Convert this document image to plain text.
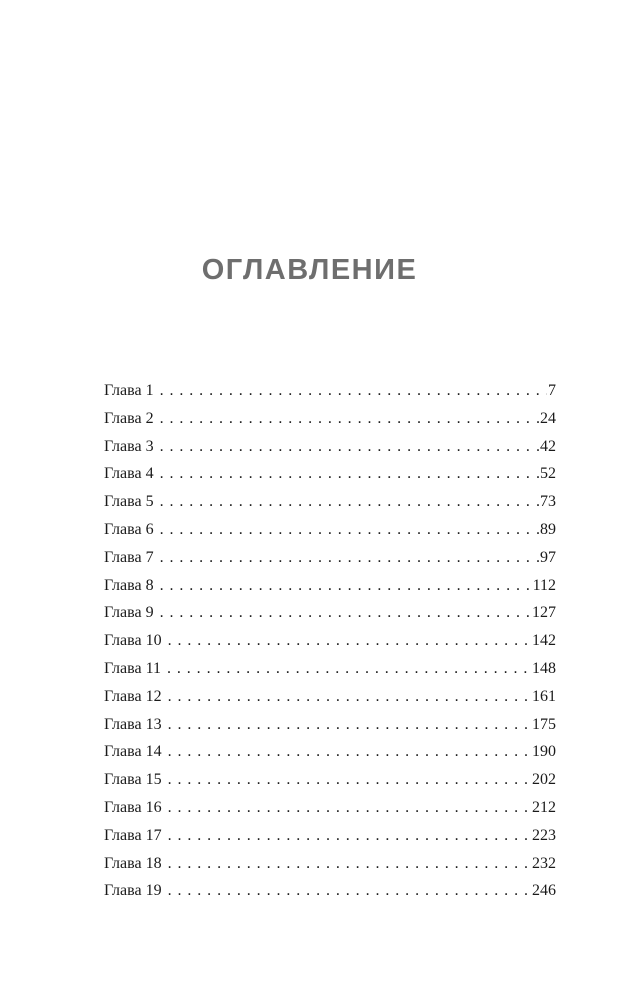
ОГЛАВЛЕНИЕ
Глава 1 . . .	7
Глава 2 . . .	.24
Глава 3 . . .	.42
Глава 4 . . .	.52
Глава 5 . . .	.73
Глава 6 . . .	.89
Глава 7 . . .	.97
Глава 8 . . .	112
Глава 9 . . .	127
Глава 10 . . .	142
Глава 11 . . .	148
Глава 12 . . .	161
Глава 13 . . .	175
Глава 14 . . .	190
Глава 15 . . .	202
Глава 16 . . .	212
Глава 17 . . .	223
Глава 18 . . .	232
Глава 19 . . .	246
